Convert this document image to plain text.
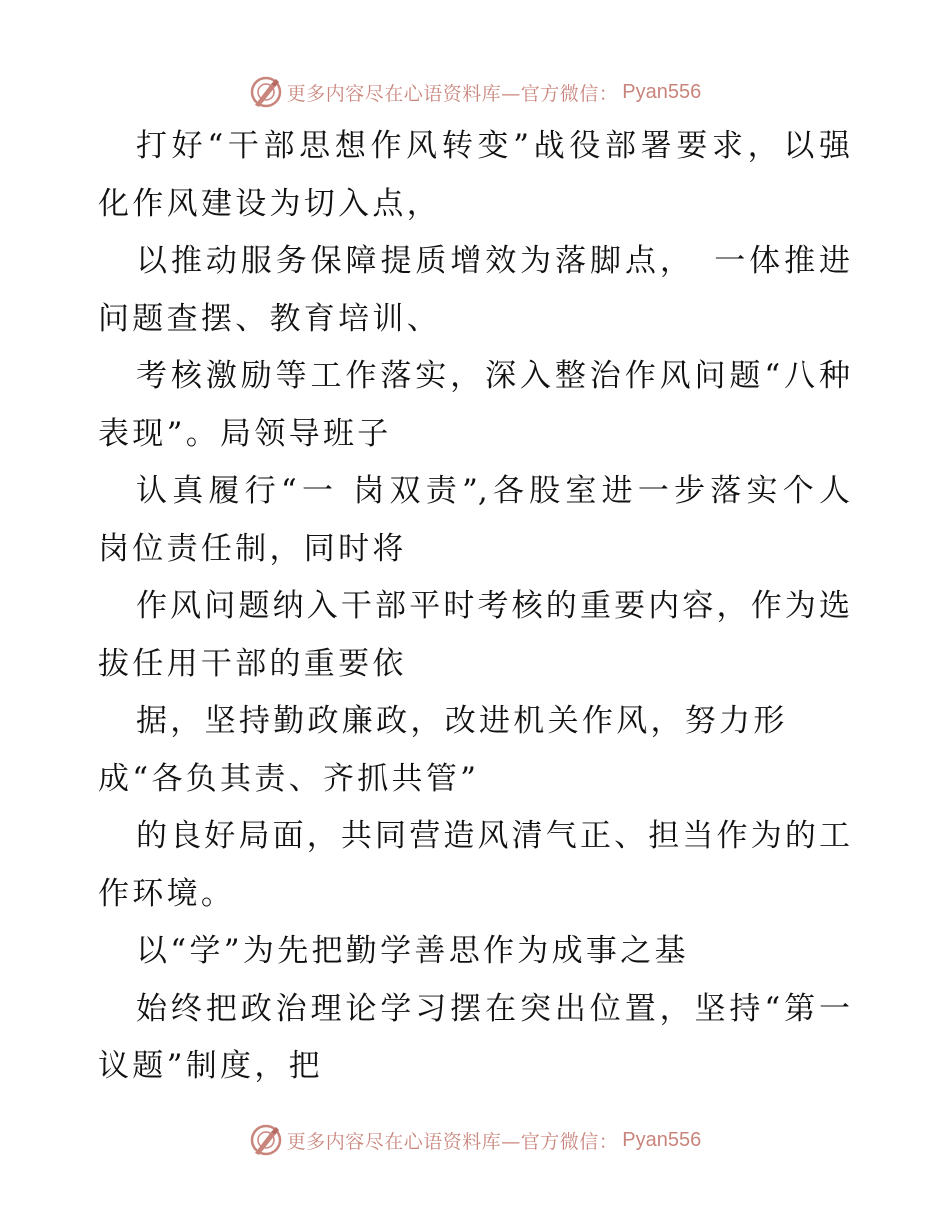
更多内容尽在心语资料库—官方微信： Pyan556
打好“干部思想作风转变”战役部署要求，以强
化作风建设为切入点，
以推动服务保障提质增效为落脚点，　一体推进
问题查摆、教育培训、
考核激励等工作落实，深入整治作风问题“八种
表现”。局领导班子
认真履行“一 岗双责”,各股室进一步落实个人
岗位责任制，同时将
作风问题纳入干部平时考核的重要内容，作为选
拔任用干部的重要依
据，坚持勤政廉政，改进机关作风，努力形
成“各负其责、齐抓共管”
的良好局面，共同营造风清气正、担当作为的工
作环境。
以“学”为先把勤学善思作为成事之基
始终把政治理论学习摆在突出位置，坚持“第一
议题”制度，把
更多内容尽在心语资料库—官方微信： Pyan556
